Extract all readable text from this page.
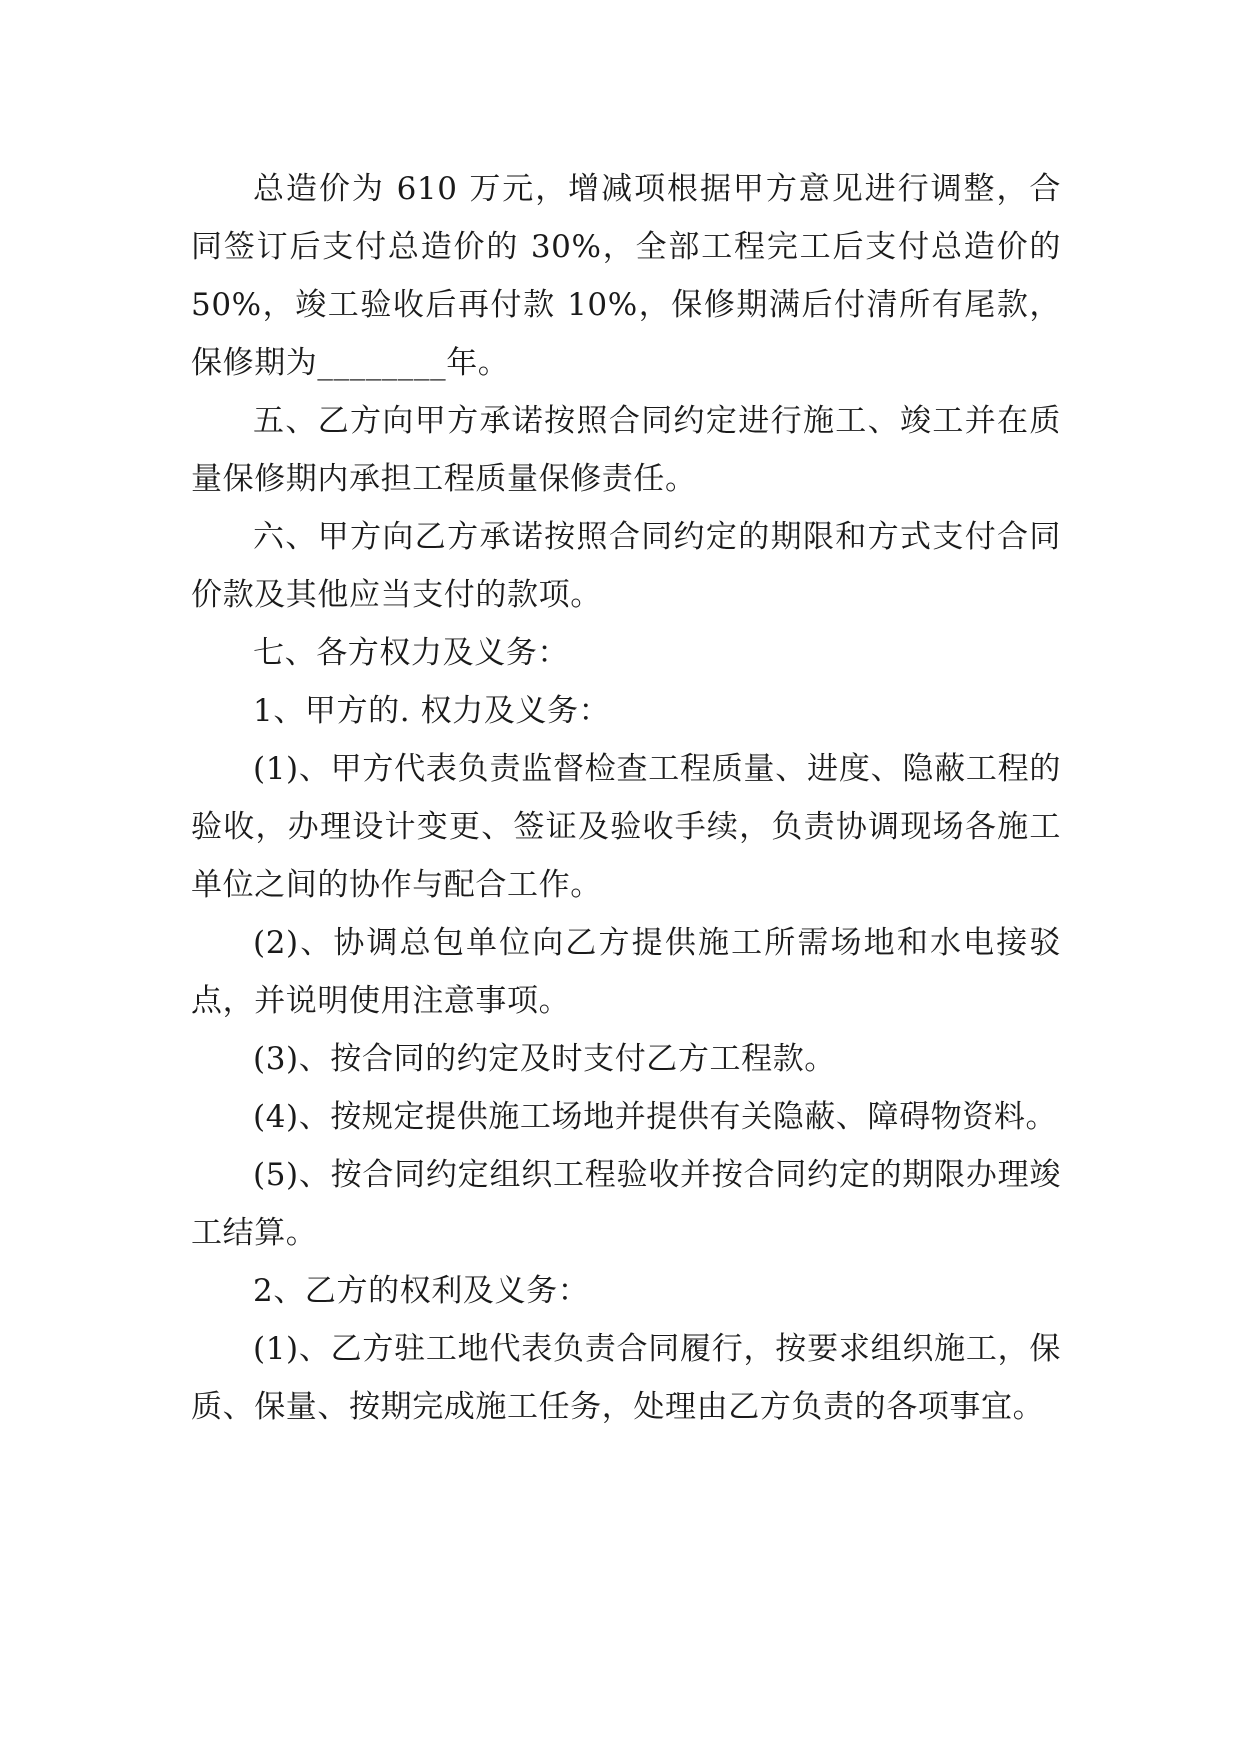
总造价为 610 万元，增减项根据甲方意见进行调整，合同签订后支付总造价的 30%，全部工程完工后支付总造价的 50%，竣工验收后再付款 10%，保修期满后付清所有尾款，保修期为________年。

五、乙方向甲方承诺按照合同约定进行施工、竣工并在质量保修期内承担工程质量保修责任。

六、甲方向乙方承诺按照合同约定的期限和方式支付合同价款及其他应当支付的款项。

七、各方权力及义务：

1、甲方的. 权力及义务：

(1)、甲方代表负责监督检查工程质量、进度、隐蔽工程的验收，办理设计变更、签证及验收手续，负责协调现场各施工单位之间的协作与配合工作。

(2)、协调总包单位向乙方提供施工所需场地和水电接驳点，并说明使用注意事项。

(3)、按合同的约定及时支付乙方工程款。

(4)、按规定提供施工场地并提供有关隐蔽、障碍物资料。

(5)、按合同约定组织工程验收并按合同约定的期限办理竣工结算。

2、乙方的权利及义务：

(1)、乙方驻工地代表负责合同履行，按要求组织施工，保质、保量、按期完成施工任务，处理由乙方负责的各项事宜。
